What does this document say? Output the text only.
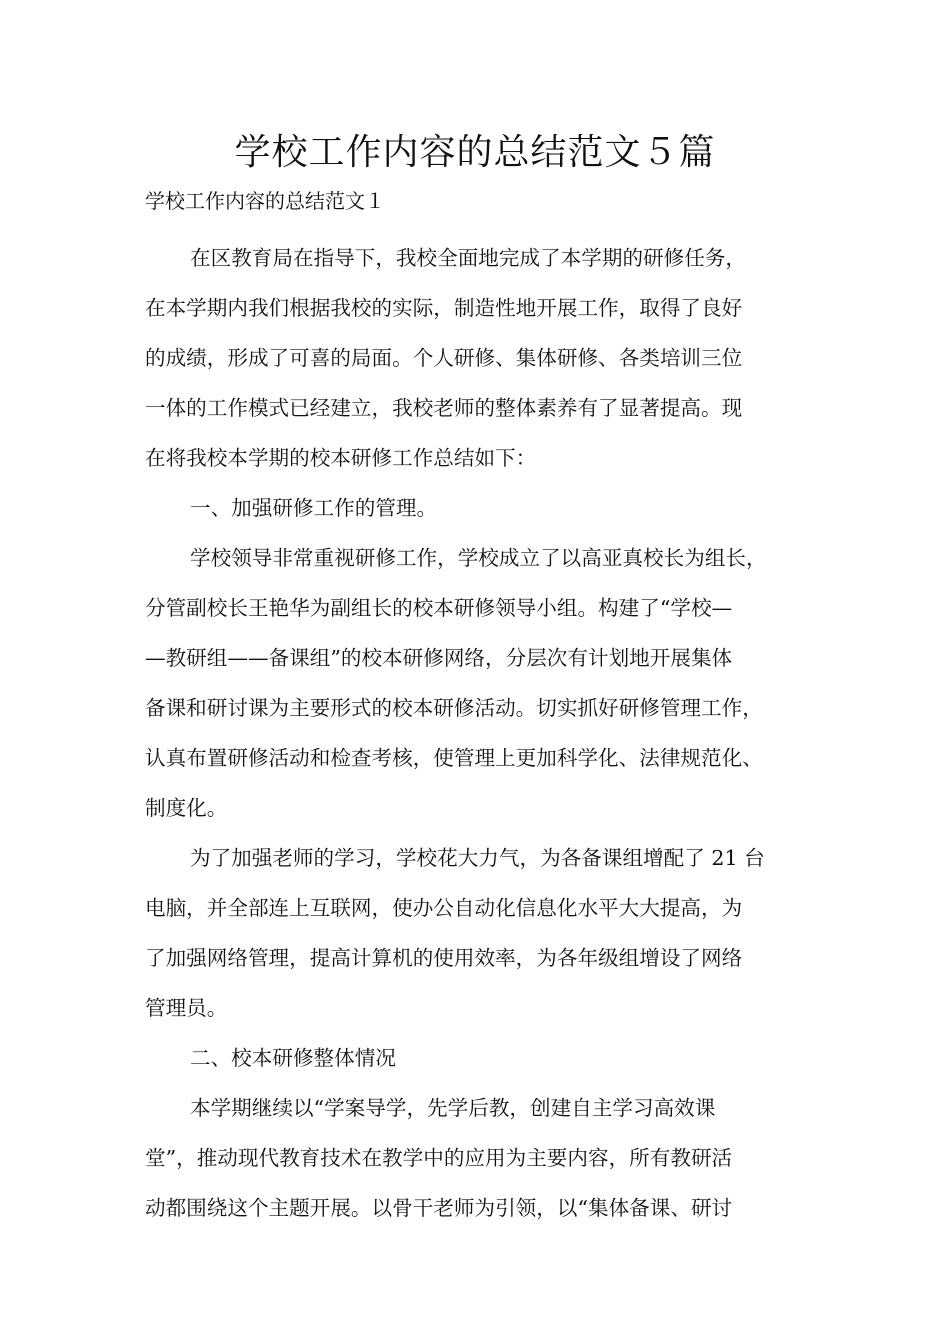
学校工作内容的总结范文５篇

学校工作内容的总结范文１

在区教育局在指导下，我校全面地完成了本学期的研修任务，
在本学期内我们根据我校的实际，制造性地开展工作，取得了良好
的成绩，形成了可喜的局面。个人研修、集体研修、各类培训三位
一体的工作模式已经建立，我校老师的整体素养有了显著提高。现
在将我校本学期的校本研修工作总结如下：
一、加强研修工作的管理。
学校领导非常重视研修工作，学校成立了以高亚真校长为组长，
分管副校长王艳华为副组长的校本研修领导小组。构建了“学校—
—教研组——备课组”的校本研修网络，分层次有计划地开展集体
备课和研讨课为主要形式的校本研修活动。切实抓好研修管理工作，
认真布置研修活动和检查考核，使管理上更加科学化、法律规范化、
制度化。
为了加强老师的学习，学校花大力气，为各备课组增配了 21 台
电脑，并全部连上互联网，使办公自动化信息化水平大大提高，为
了加强网络管理，提高计算机的使用效率，为各年级组增设了网络
管理员。
二、校本研修整体情况
本学期继续以“学案导学，先学后教，创建自主学习高效课
堂”，推动现代教育技术在教学中的应用为主要内容，所有教研活
动都围绕这个主题开展。以骨干老师为引领，以“集体备课、研讨
